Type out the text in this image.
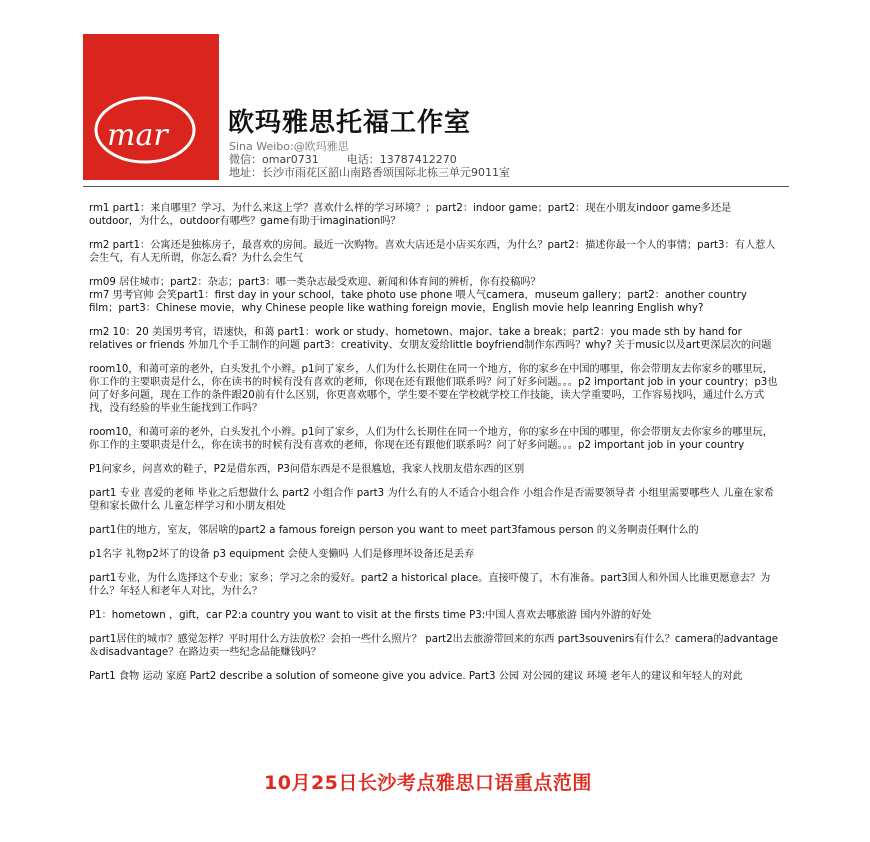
mar 欧玛雅思托福工作室
Sina Weibo:@欧玛雅思
微信：omar0731	电话：13787412270
地址：长沙市雨花区韶山南路香颂国际北栋三单元9011室

rm1 part1：来自哪里？学习、为什么来这上学？喜欢什么样的学习环境？；part2：indoor game；part2：现在小朋友indoor game多还是outdoor，为什么，outdoor有哪些？game有助于imagination吗？

rm2 part1：公寓还是独栋房子，最喜欢的房间。最近一次购物。喜欢大店还是小店买东西，为什么？part2：描述你最一个人的事情；part3：有人惹人会生气，有人无所谓，你怎么看？为什么会生气

rm09 居住城市；part2：杂志；part3：哪一类杂志最受欢迎、新闻和体育间的辨析，你有投稿吗？
rm7 男考官帅 会笑part1：first day in your school，take photo use phone 喂人气camera，museum gallery；part2：another country film；part3：Chinese movie，why Chinese people like wathing foreign movie，English movie help leanring English why?

rm2 10：20 美国男考官，语速快，和蔼 part1：work or study、hometown、major、take a break；part2：you made sth by hand for relatives or friends 外加几个手工制作的问题 part3：creativity、女朋友爱给little boyfriend制作东西吗？why? 关于music以及art更深层次的问题

room10，和蔼可亲的老外，白头发扎个小辫。p1问了家乡，人们为什么长期住在同一个地方，你的家乡在中国的哪里，你会带朋友去你家乡的哪里玩，你工作的主要职责是什么，你在读书的时候有没有喜欢的老师，你现在还有跟他们联系吗？问了好多问题。。。p2 important job in your country；p3也问了好多问题，现在工作的条件跟20前有什么区别，你更喜欢哪个，学生要不要在学校就学校工作技能，读大学重要吗，工作容易找吗，通过什么方式找，没有经验的毕业生能找到工作吗？

room10，和蔼可亲的老外，白头发扎个小辫。p1问了家乡，人们为什么长期住在同一个地方，你的家乡在中国的哪里，你会带朋友去你家乡的哪里玩，你工作的主要职责是什么，你在读书的时候有没有喜欢的老师，你现在还有跟他们联系吗？问了好多问题。。。p2 important job in your country

P1问家乡，问喜欢的鞋子，P2是借东西，P3问借东西是不是很尴尬，我家人找朋友借东西的区别

part1 专业 喜爱的老师 毕业之后想做什么 part2 小组合作 part3 为什么有的人不适合小组合作 小组合作是否需要领导者 小组里需要哪些人 儿童在家希望和家长做什么 儿童怎样学习和小朋友相处

part1住的地方，室友，邻居啥的part2 a famous foreign person you want to meet part3famous person 的义务啊责任啊什么的

p1名字 礼物p2坏了的设备 p3 equipment 会使人变懒吗 人们是修理坏设备还是丢弃

part1专业，为什么选择这个专业；家乡；学习之余的爱好。part2 a historical place。直接吓傻了，木有准备。part3国人和外国人比谁更愿意去？为什么？年轻人和老年人对比，为什么？

P1：hometown ，gift，car P2:a country you want to visit at the firsts time P3:中国人喜欢去哪旅游 国内外游的好处

part1居住的城市？感觉怎样？平时用什么方法放松？会拍一些什么照片？ part2出去旅游带回来的东西 part3souvenirs有什么？camera的advantage＆disadvantage？在路边卖一些纪念品能赚钱吗？

Part1 食物 运动 家庭 Part2 describe a solution of someone give you advice. Part3 公园 对公园的建议 环境 老年人的建议和年轻人的对此

10月25日长沙考点雅思口语重点范围
